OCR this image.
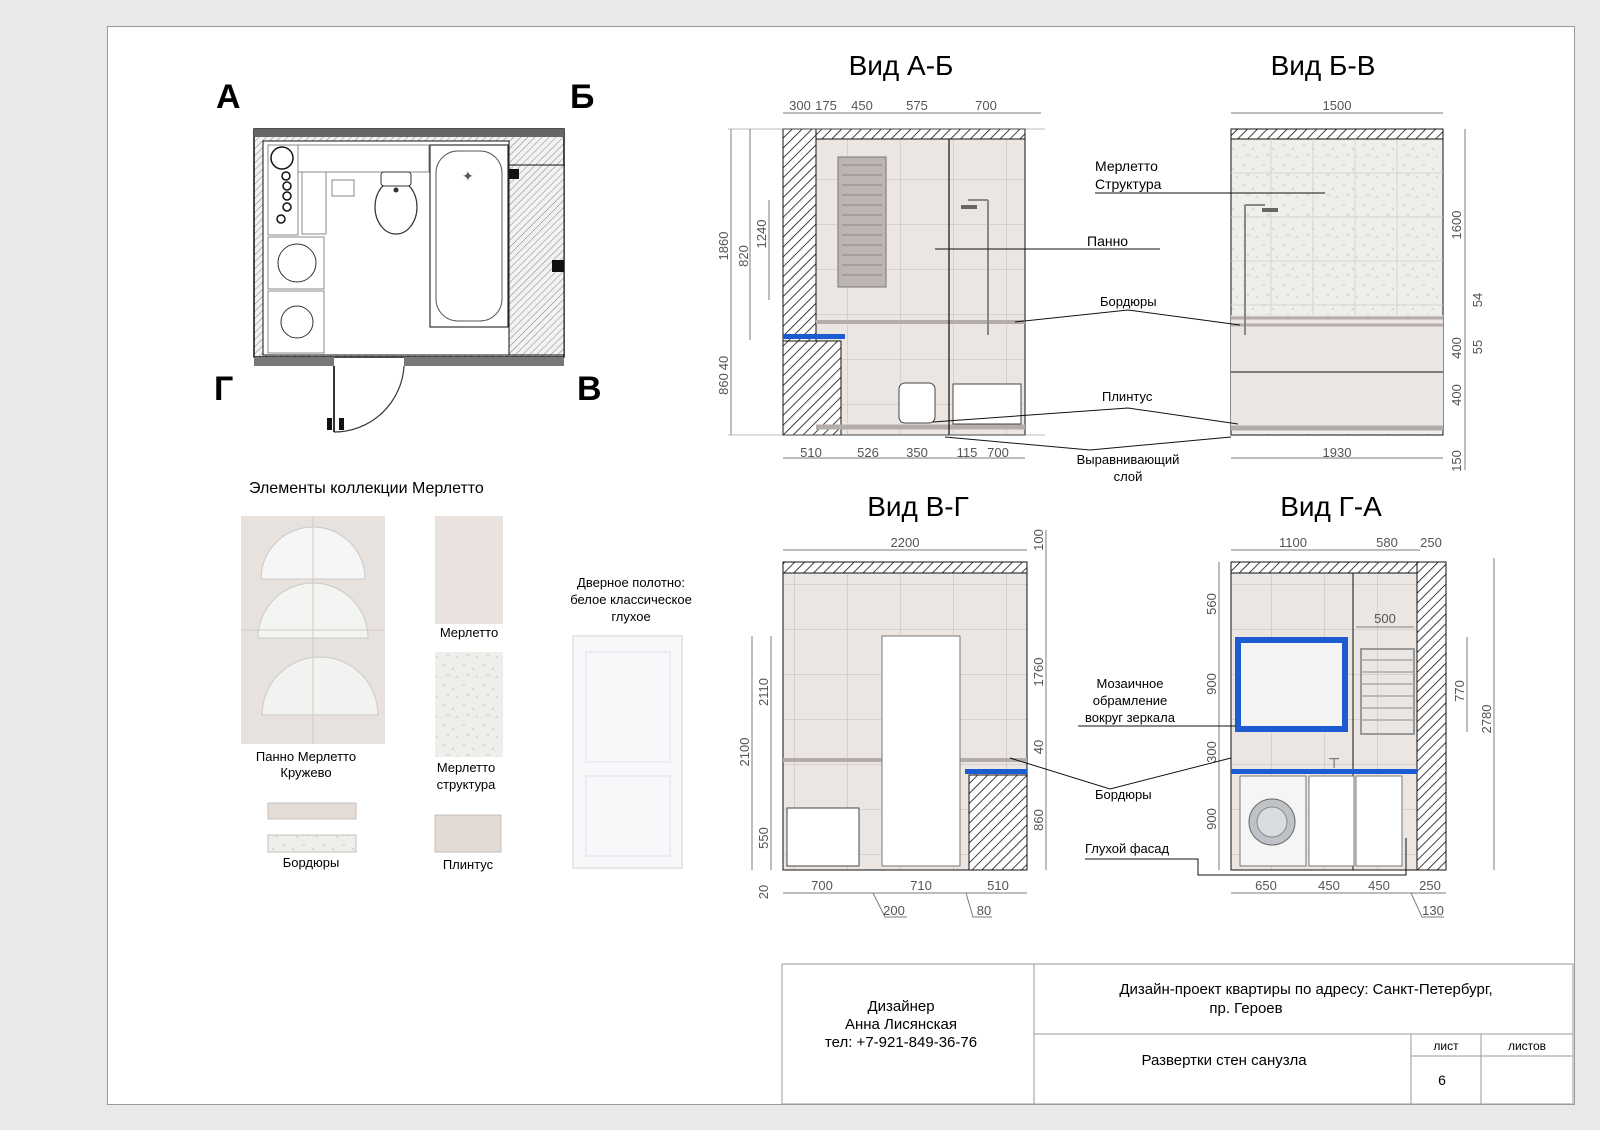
А	Б
Г	В
✦
Элементы коллекции Мерлетто
Панно Мерлетто
Кружево
Мерлетто
Мерлетто
структура
Бордюры	Плинтус
Дверное полотно:
белое классическое
глухое
Вид А-Б
300 175 450	575	700
1860 1240
820
860
40
510	526 350 115 700
Вид Б-В
1500
1600
54
55
400
400
150
1930
Мерлетто
Структура
Панно
Бордюры
Плинтус
Выравнивающий
слой
Вид В-Г
2200
2110
2100
550
20
100
1760
40
860
700	710	510
200	80
Вид Г-А
⊤
1100	580 250
500
560
900
300
900
770
2780
650	450 450 250
130
Мозаичное
обрамление
вокруг зеркала
Бордюры
Глухой фасад
Дизайнер
Анна Лисянская
тел: +7-921-849-36-76
Дизайн-проект квартиры по адресу: Санкт-Петербург,
пр. Героев
Развертки стен санузла
лист	листов
6
